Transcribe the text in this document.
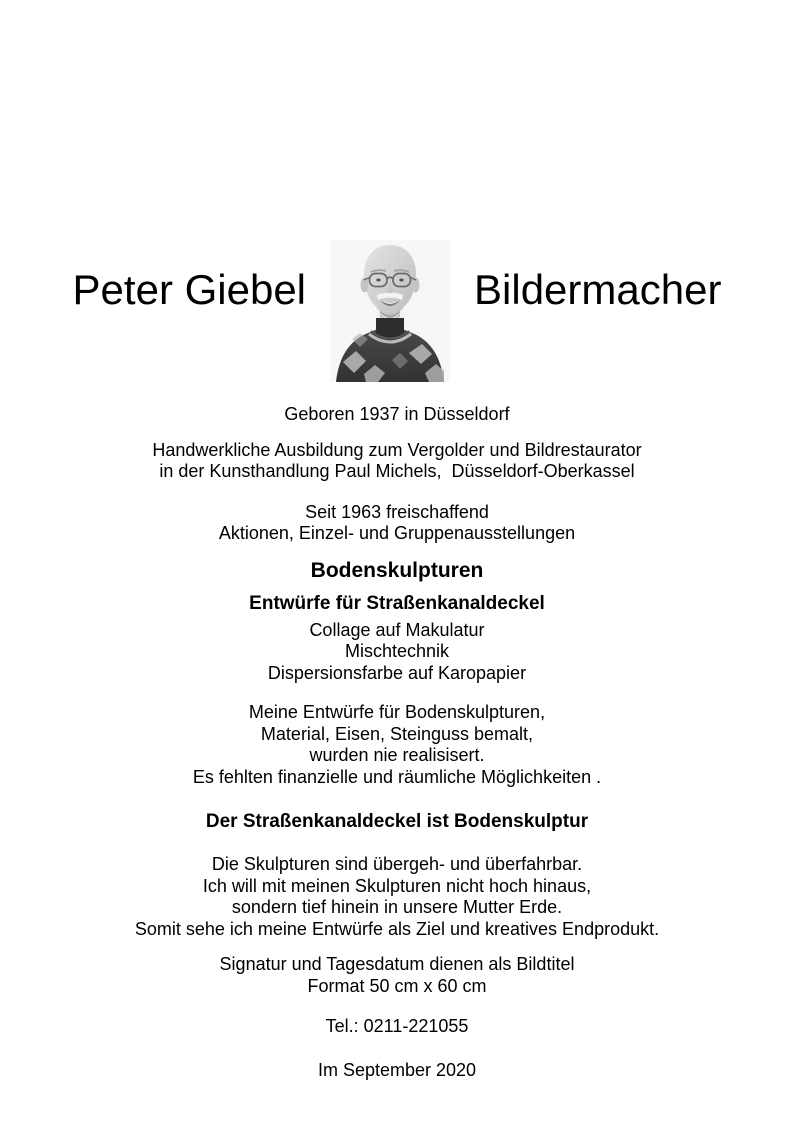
Peter Giebel	Bildermacher
Geboren 1937 in Düsseldorf
Handwerkliche Ausbildung zum Vergolder und Bildrestaurator
in der Kunsthandlung Paul Michels,  Düsseldorf-Oberkassel
Seit 1963 freischaffend
Aktionen, Einzel- und Gruppenausstellungen
Bodenskulpturen
Entwürfe für Straßenkanaldeckel
Collage auf Makulatur
Mischtechnik
Dispersionsfarbe auf Karopapier
Meine Entwürfe für Bodenskulpturen,
Material, Eisen, Steinguss bemalt,
wurden nie realisisert.
Es fehlten finanzielle und räumliche Möglichkeiten .
Der Straßenkanaldeckel ist Bodenskulptur
Die Skulpturen sind übergeh- und überfahrbar.
Ich will mit meinen Skulpturen nicht hoch hinaus,
sondern tief hinein in unsere Mutter Erde.
Somit sehe ich meine Entwürfe als Ziel und kreatives Endprodukt.
Signatur und Tagesdatum dienen als Bildtitel
Format 50 cm x 60 cm
Tel.: 0211-221055
Im September 2020
